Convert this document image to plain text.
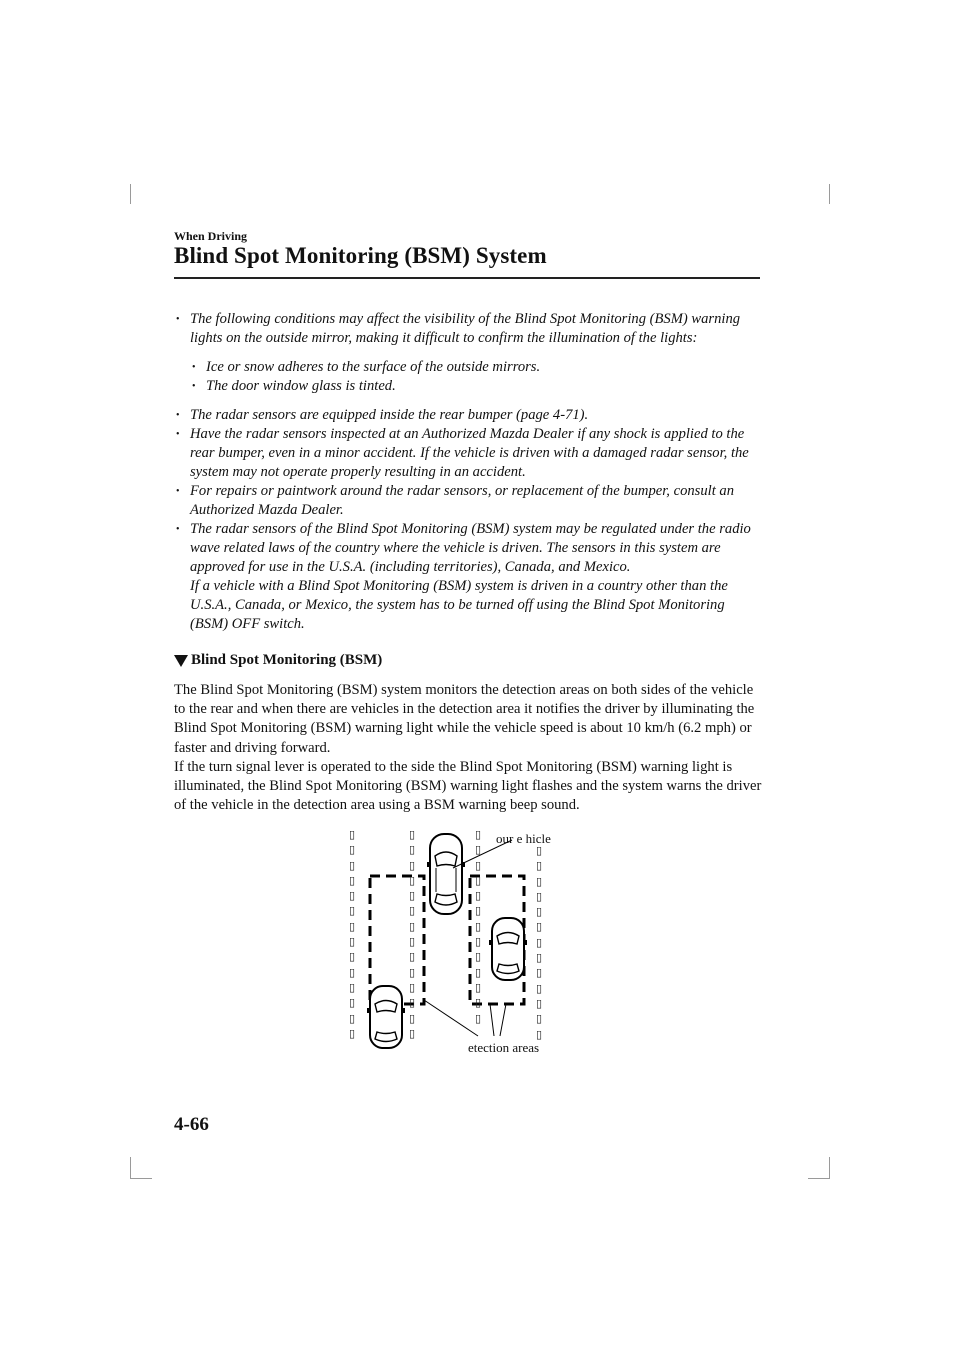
When Driving
Blind Spot Monitoring (BSM) System
• The following conditions may affect the visibility of the Blind Spot Monitoring (BSM) warning lights on the outside mirror, making it difficult to confirm the illumination of the lights:
• Ice or snow adheres to the surface of the outside mirrors.
• The door window glass is tinted.
• The radar sensors are equipped inside the rear bumper (page 4-71).
• Have the radar sensors inspected at an Authorized Mazda Dealer if any shock is applied to the rear bumper, even in a minor accident. If the vehicle is driven with a damaged radar sensor, the system may not operate properly resulting in an accident.
• For repairs or paintwork around the radar sensors, or replacement of the bumper, consult an Authorized Mazda Dealer.
• The radar sensors of the Blind Spot Monitoring (BSM) system may be regulated under the radio wave related laws of the country where the vehicle is driven. The sensors in this system are approved for use in the U.S.A. (including territories), Canada, and Mexico.
If a vehicle with a Blind Spot Monitoring (BSM) system is driven in a country other than the U.S.A., Canada, or Mexico, the system has to be turned off using the Blind Spot Monitoring (BSM) OFF switch.
Blind Spot Monitoring (BSM)

The Blind Spot Monitoring (BSM) system monitors the detection areas on both sides of the vehicle to the rear and when there are vehicles in the detection area it notifies the driver by illuminating the Blind Spot Monitoring (BSM) warning light while the vehicle speed is about 10 km/h (6.2 mph) or faster and driving forward.

If the turn signal lever is operated to the side the Blind Spot Monitoring (BSM) warning light is illuminated, the Blind Spot Monitoring (BSM) warning light flashes and the system warns the driver of the vehicle in the detection area using a BSM warning beep sound.

▯
▯
▯
▯
▯
▯
▯
▯
▯
▯
▯
▯
▯
▯
▯
▯
▯
▯
▯
▯
▯
▯
▯
▯
▯
▯
▯
▯
▯
▯
▯
▯
▯
▯
▯
▯
▯
▯
▯
▯
▯
▯
▯
▯
▯
▯
▯
▯
▯
▯
▯
▯
▯
▯
our e hicle
etection areas
4-66
